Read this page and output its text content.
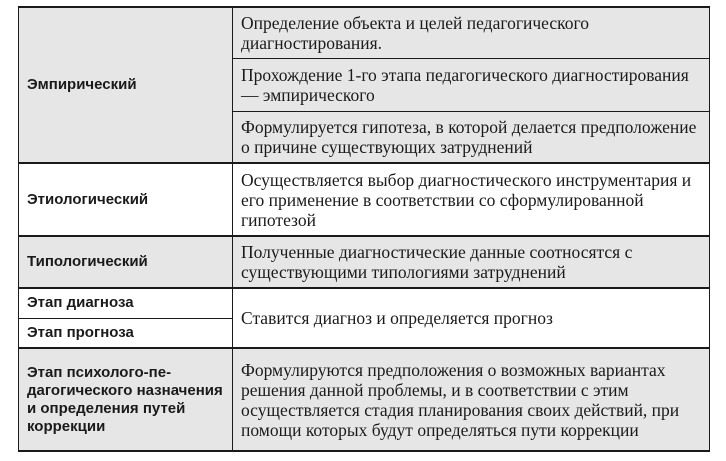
Эмпирический	Определение объекта и целей педагогического диагностирования.
	Прохождение 1-го этапа педагогического диагностирования — эмпирического
	Формулируется гипотеза, в которой делается предположение о причине существующих затруднений
Этиологический	Осуществляется выбор диагностического инструментария и его применение в соответствии со сформулированной гипотезой
Типологический	Полученные диагностические данные соотносятся с существующими типологиями затруднений
Этап диагноза	Ставится диагноз и определяется прогноз
Этап прогноза	
Этап психолого-педагогического назначения и определения путей коррекции	Формулируются предположения о возможных вариантах решения данной проблемы, и в соответствии с этим осуществляется стадия планирования своих действий, при помощи которых будут определяться пути коррекции
